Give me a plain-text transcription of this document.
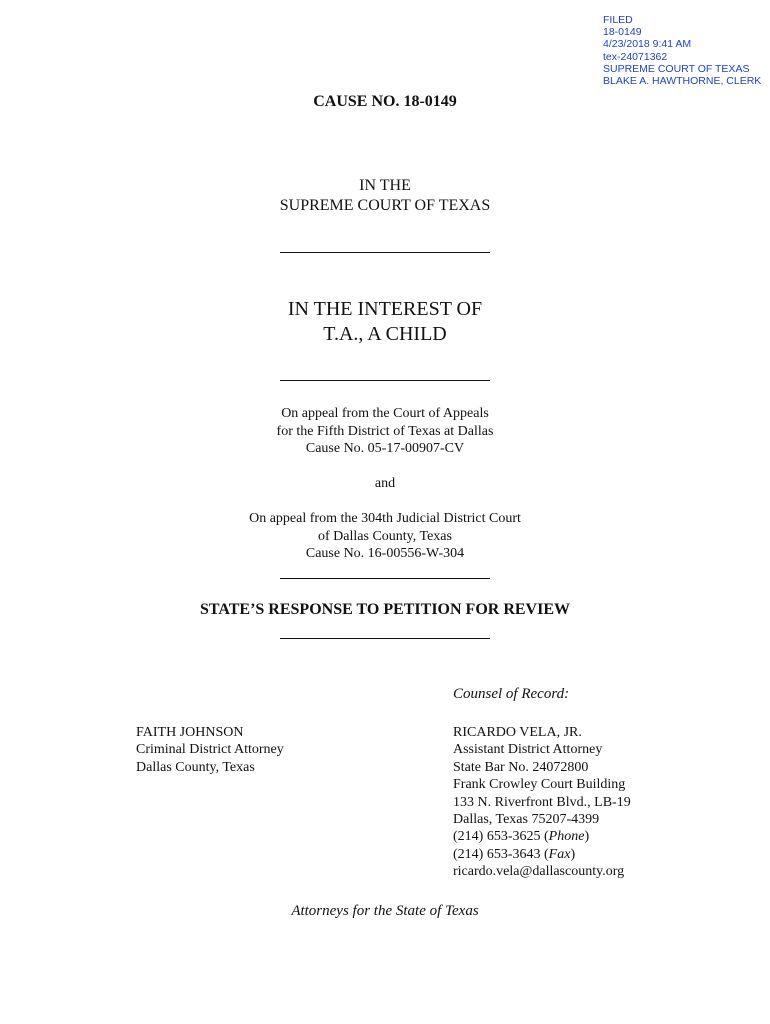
FILED
18-0149
4/23/2018 9:41 AM
tex-24071362
SUPREME COURT OF TEXAS
BLAKE A. HAWTHORNE, CLERK
CAUSE NO. 18-0149
IN THE
SUPREME COURT OF TEXAS
IN THE INTEREST OF
T.A., A CHILD
On appeal from the Court of Appeals
for the Fifth District of Texas at Dallas
Cause No. 05-17-00907-CV
and
On appeal from the 304th Judicial District Court
of Dallas County, Texas
Cause No. 16-00556-W-304
STATE’S RESPONSE TO PETITION FOR REVIEW
Counsel of Record:
FAITH JOHNSON
Criminal District Attorney
Dallas County, Texas
RICARDO VELA, JR.
Assistant District Attorney
State Bar No. 24072800
Frank Crowley Court Building
133 N. Riverfront Blvd., LB-19
Dallas, Texas 75207-4399
(214) 653-3625 (Phone)
(214) 653-3643 (Fax)
ricardo.vela@dallascounty.org
Attorneys for the State of Texas
